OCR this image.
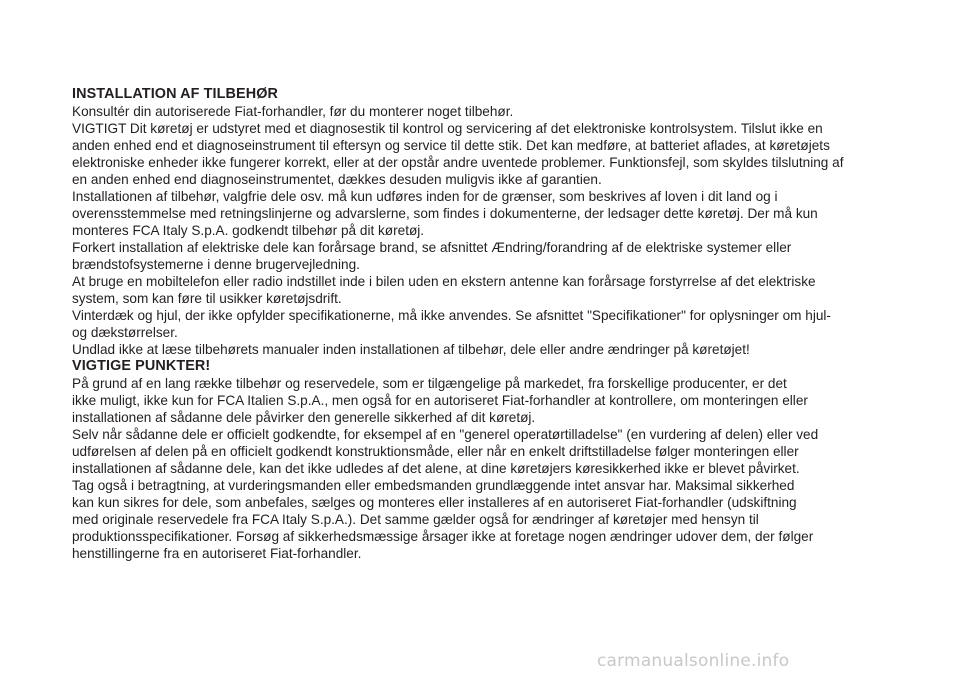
INSTALLATION AF TILBEHØR

Konsultér din autoriserede Fiat-forhandler, før du monterer noget tilbehør.

VIGTIGT Dit køretøj er udstyret med et diagnosestik til kontrol og servicering af det elektroniske kontrolsystem. Tilslut ikke en
anden enhed end et diagnoseinstrument til eftersyn og service til dette stik. Det kan medføre, at batteriet aflades, at køretøjets
elektroniske enheder ikke fungerer korrekt, eller at der opstår andre uventede problemer. Funktionsfejl, som skyldes tilslutning af
en anden enhed end diagnoseinstrumentet, dækkes desuden muligvis ikke af garantien.

Installationen af tilbehør, valgfrie dele osv. må kun udføres inden for de grænser, som beskrives af loven i dit land og i
overensstemmelse med retningslinjerne og advarslerne, som findes i dokumenterne, der ledsager dette køretøj. Der må kun
monteres FCA Italy S.p.A. godkendt tilbehør på dit køretøj.

Forkert installation af elektriske dele kan forårsage brand, se afsnittet Ændring/forandring af de elektriske systemer eller
brændstofsystemerne i denne brugervejledning.

At bruge en mobiltelefon eller radio indstillet inde i bilen uden en ekstern antenne kan forårsage forstyrrelse af det elektriske
system, som kan føre til usikker køretøjsdrift.

Vinterdæk og hjul, der ikke opfylder specifikationerne, må ikke anvendes. Se afsnittet "Specifikationer" for oplysninger om hjul-
og dækstørrelser.

Undlad ikke at læse tilbehørets manualer inden installationen af tilbehør, dele eller andre ændringer på køretøjet!

VIGTIGE PUNKTER!

På grund af en lang række tilbehør og reservedele, som er tilgængelige på markedet, fra forskellige producenter, er det
ikke muligt, ikke kun for FCA Italien S.p.A., men også for en autoriseret Fiat-forhandler at kontrollere, om monteringen eller
installationen af sådanne dele påvirker den generelle sikkerhed af dit køretøj.

Selv når sådanne dele er officielt godkendte, for eksempel af en "generel operatørtilladelse" (en vurdering af delen) eller ved
udførelsen af delen på en officielt godkendt konstruktionsmåde, eller når en enkelt driftstilladelse følger monteringen eller
installationen af sådanne dele, kan det ikke udledes af det alene, at dine køretøjers køresikkerhed ikke er blevet påvirket.

Tag også i betragtning, at vurderingsmanden eller embedsmanden grundlæggende intet ansvar har. Maksimal sikkerhed
kan kun sikres for dele, som anbefales, sælges og monteres eller installeres af en autoriseret Fiat-forhandler (udskiftning
med originale reservedele fra FCA Italy S.p.A.). Det samme gælder også for ændringer af køretøjer med hensyn til
produktionsspecifikationer. Forsøg af sikkerhedsmæssige årsager ikke at foretage nogen ændringer udover dem, der følger
henstillingerne fra en autoriseret Fiat-forhandler.

carmanualsonline.info
